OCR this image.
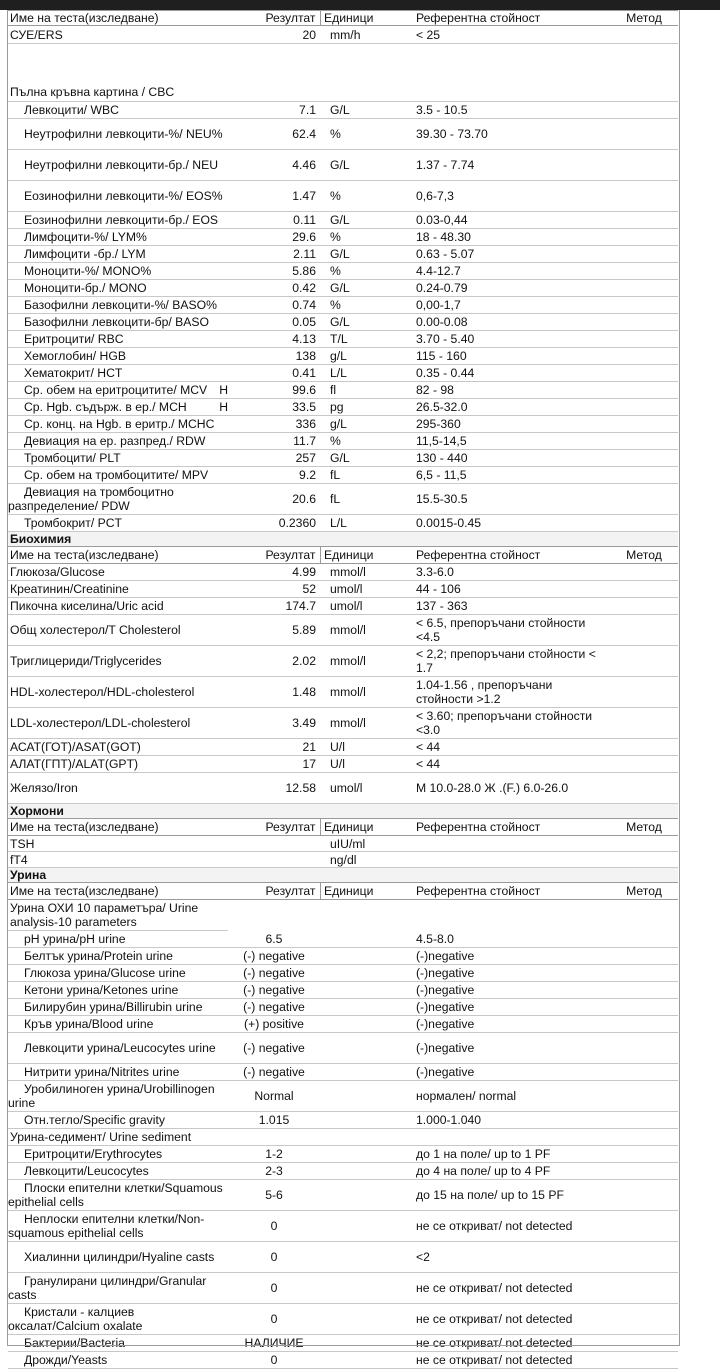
Име на теста(изследване)	Резултат		Единици	Референтна стойност	Метод
СУЕ/ERS	20		mm/h	< 25	

Пълна кръвна картина / CBC					
Левкоцити/ WBC	7.1		G/L	3.5 - 10.5	
Неутрофилни левкоцити-%/ NEU%	62.4		%	39.30 - 73.70	
Неутрофилни левкоцити-бр./ NEU	4.46		G/L	1.37 - 7.74	
Еозинофилни левкоцити-%/ EOS%	1.47		%	0,6-7,3	
Еозинофилни левкоцити-бр./ EOS	0.11		G/L	0.03-0,44	
Лимфоцити-%/ LYM%	29.6		%	18 - 48.30	
Лимфоцити -бр./ LYM	2.11		G/L	0.63 - 5.07	
Моноцити-%/ MONO%	5.86		%	4.4-12.7	
Моноцити-бр./ MONO	0.42		G/L	0.24-0.79	
Базофилни левкоцити-%/ BASO%	0.74		%	0,00-1,7	
Базофилни левкоцити-бр/ BASO	0.05		G/L	0.00-0.08	
Еритроцити/ RBC	4.13		T/L	3.70 - 5.40	
Хемоглобин/ HGB	138		g/L	115 - 160	
Хематокрит/ HCT	0.41		L/L	0.35 - 0.44	
Ср. обем на еритроцитите/ MCV H	99.6		fl	82 - 98	
Ср. Hgb. съдърж. в ер./ MCH H	33.5		pg	26.5-32.0	
Ср. конц. на Hgb. в еритр./ MCHC	336		g/L	295-360	
Девиация на ер. разпред./ RDW	11.7		%	11,5-14,5	
Тромбоцити/ PLT	257		G/L	130 - 440	
Ср. обем на тромбоцитите/ MPV	9.2		fL	6,5 - 11,5	
Девиация на тромбоцитно разпределение/ PDW	20.6		fL	15.5-30.5	
Тромбокрит/ PCT	0.2360		L/L	0.0015-0.45	
Биохимия					
Име на теста(изследване)	Резултат		Единици	Референтна стойност	Метод
Глюкоза/Glucose	4.99		mmol/l	3.3-6.0	
Креатинин/Creatinine	52		umol/l	44 - 106	
Пикочна киселина/Uric acid	174.7		umol/l	137 - 363	
Общ холестерол/T Cholesterol	5.89		mmol/l	< 6.5, препоръчани стойности <4.5	
Триглицериди/Triglycerides	2.02		mmol/l	< 2,2; препоръчани стойности < 1.7	
HDL-холестерол/HDL-cholesterol	1.48		mmol/l	1.04-1.56 , препоръчани стойности >1.2	
LDL-холестерол/LDL-cholesterol	3.49		mmol/l	< 3.60; препоръчани стойности <3.0	
АСАТ(ГОТ)/ASAT(GOT)	21		U/l	< 44	
АЛАТ(ГПТ)/ALAT(GPT)	17		U/l	< 44	
Желязо/Iron	12.58		umol/l	М 10.0-28.0 Ж .(F.) 6.0-26.0	
Хормони					
Име на теста(изследване)	Резултат		Единици	Референтна стойност	Метод
TSH			uIU/ml		
fT4			ng/dl		
Урина					
Име на теста(изследване)	Резултат		Единици	Референтна стойност	Метод
Урина ОХИ 10 параметъра/ Urine analysis-10 parameters					
pH урина/pH urine	6.5			4.5-8.0	
Белтък урина/Protein urine	(-) negative			(-)negative	
Глюкоза урина/Glucose urine	(-) negative			(-)negative	
Кетони урина/Ketones urine	(-) negative			(-)negative	
Билирубин урина/Billirubin urine	(-) negative			(-)negative	
Кръв урина/Blood urine	(+) positive			(-)negative	
Левкоцити урина/Leucocytes urine	(-) negative			(-)negative	
Нитрити урина/Nitrites urine	(-) negative			(-)negative	
Уробилиноген урина/Urobillinogen urine	Normal			нормален/ normal	
Отн.тегло/Specific gravity	1.015			1.000-1.040	
Урина-седимент/ Urine sediment					
Еритроцити/Erythrocytes	1-2			до 1 на поле/ up to 1 PF	
Левкоцити/Leucocytes	2-3			до 4 на поле/ up to 4 PF	
Плоски епителни клетки/Squamous epithelial cells	5-6			до 15 на поле/ up to 15 PF	
Неплоски епителни клетки/Non-squamous epithelial cells	0			не се откриват/ not detected	
Хиалинни цилиндри/Hyaline casts	0			<2	
Гранулирани цилиндри/Granular casts	0			не се откриват/ not detected	
Кристали - калциев оксалат/Calcium oxalate	0			не се откриват/ not detected	
Бактерии/Bacteria	НАЛИЧИЕ			не се откриват/ not detected	
Дрожди/Yeasts	0			не се откриват/ not detected	
